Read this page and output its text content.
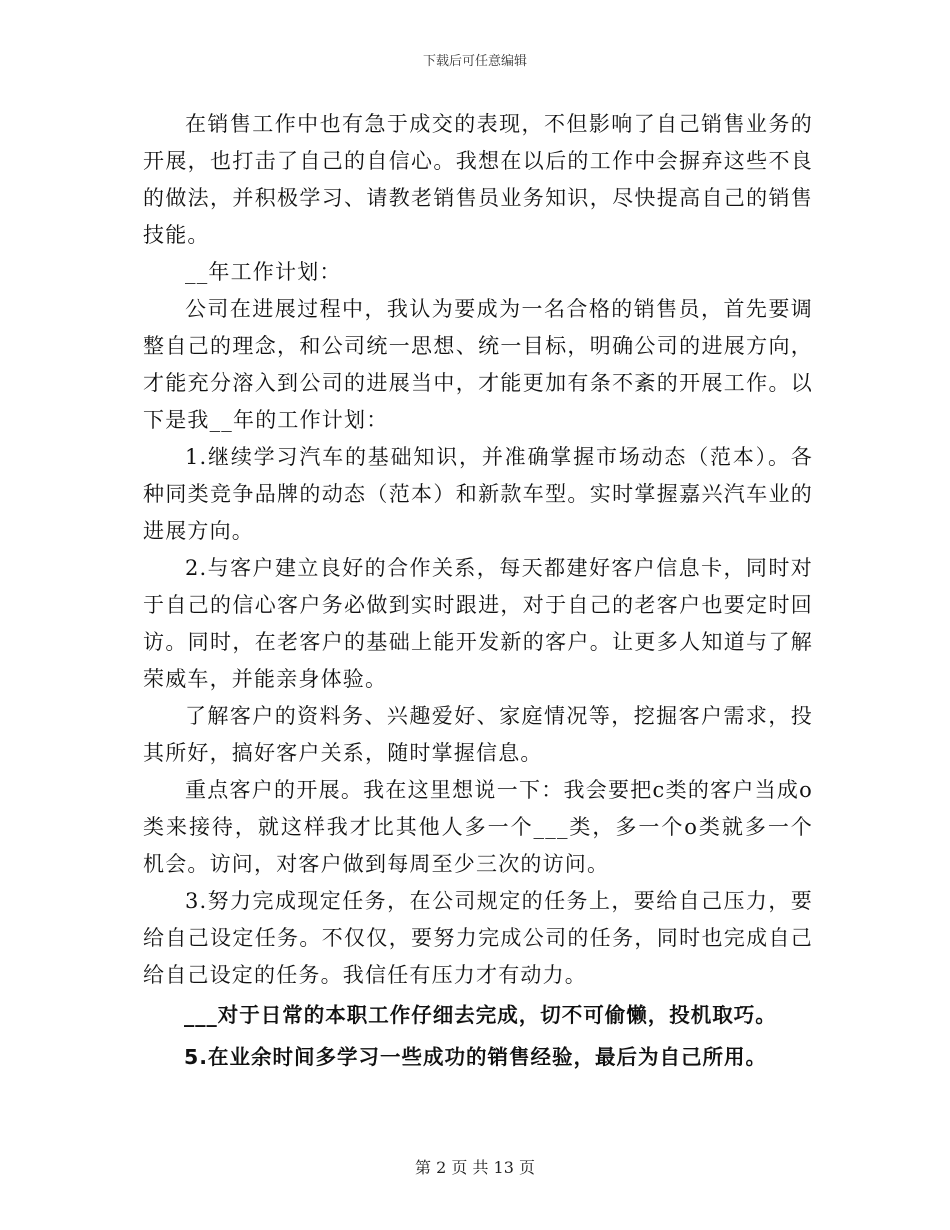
下载后可任意编辑

在销售工作中也有急于成交的表现，不但影响了自己销售业务的开展，也打击了自己的自信心。我想在以后的工作中会摒弃这些不良的做法，并积极学习、请教老销售员业务知识，尽快提高自己的销售技能。

__年工作计划：

公司在进展过程中，我认为要成为一名合格的销售员，首先要调整自己的理念，和公司统一思想、统一目标，明确公司的进展方向，才能充分溶入到公司的进展当中，才能更加有条不紊的开展工作。以下是我__年的工作计划：

1.继续学习汽车的基础知识，并准确掌握市场动态（范本）。各种同类竞争品牌的动态（范本）和新款车型。实时掌握嘉兴汽车业的进展方向。

2.与客户建立良好的合作关系，每天都建好客户信息卡，同时对于自己的信心客户务必做到实时跟进，对于自己的老客户也要定时回访。同时，在老客户的基础上能开发新的客户。让更多人知道与了解荣威车，并能亲身体验。

了解客户的资料务、兴趣爱好、家庭情况等，挖掘客户需求，投其所好，搞好客户关系，随时掌握信息。

重点客户的开展。我在这里想说一下：我会要把c类的客户当成o类来接待，就这样我才比其他人多一个___类，多一个o类就多一个机会。访问，对客户做到每周至少三次的访问。

3.努力完成现定任务，在公司规定的任务上，要给自己压力，要给自己设定任务。不仅仅，要努力完成公司的任务，同时也完成自己给自己设定的任务。我信任有压力才有动力。

___对于日常的本职工作仔细去完成，切不可偷懒，投机取巧。

5.在业余时间多学习一些成功的销售经验，最后为自己所用。

第 2 页 共 13 页
